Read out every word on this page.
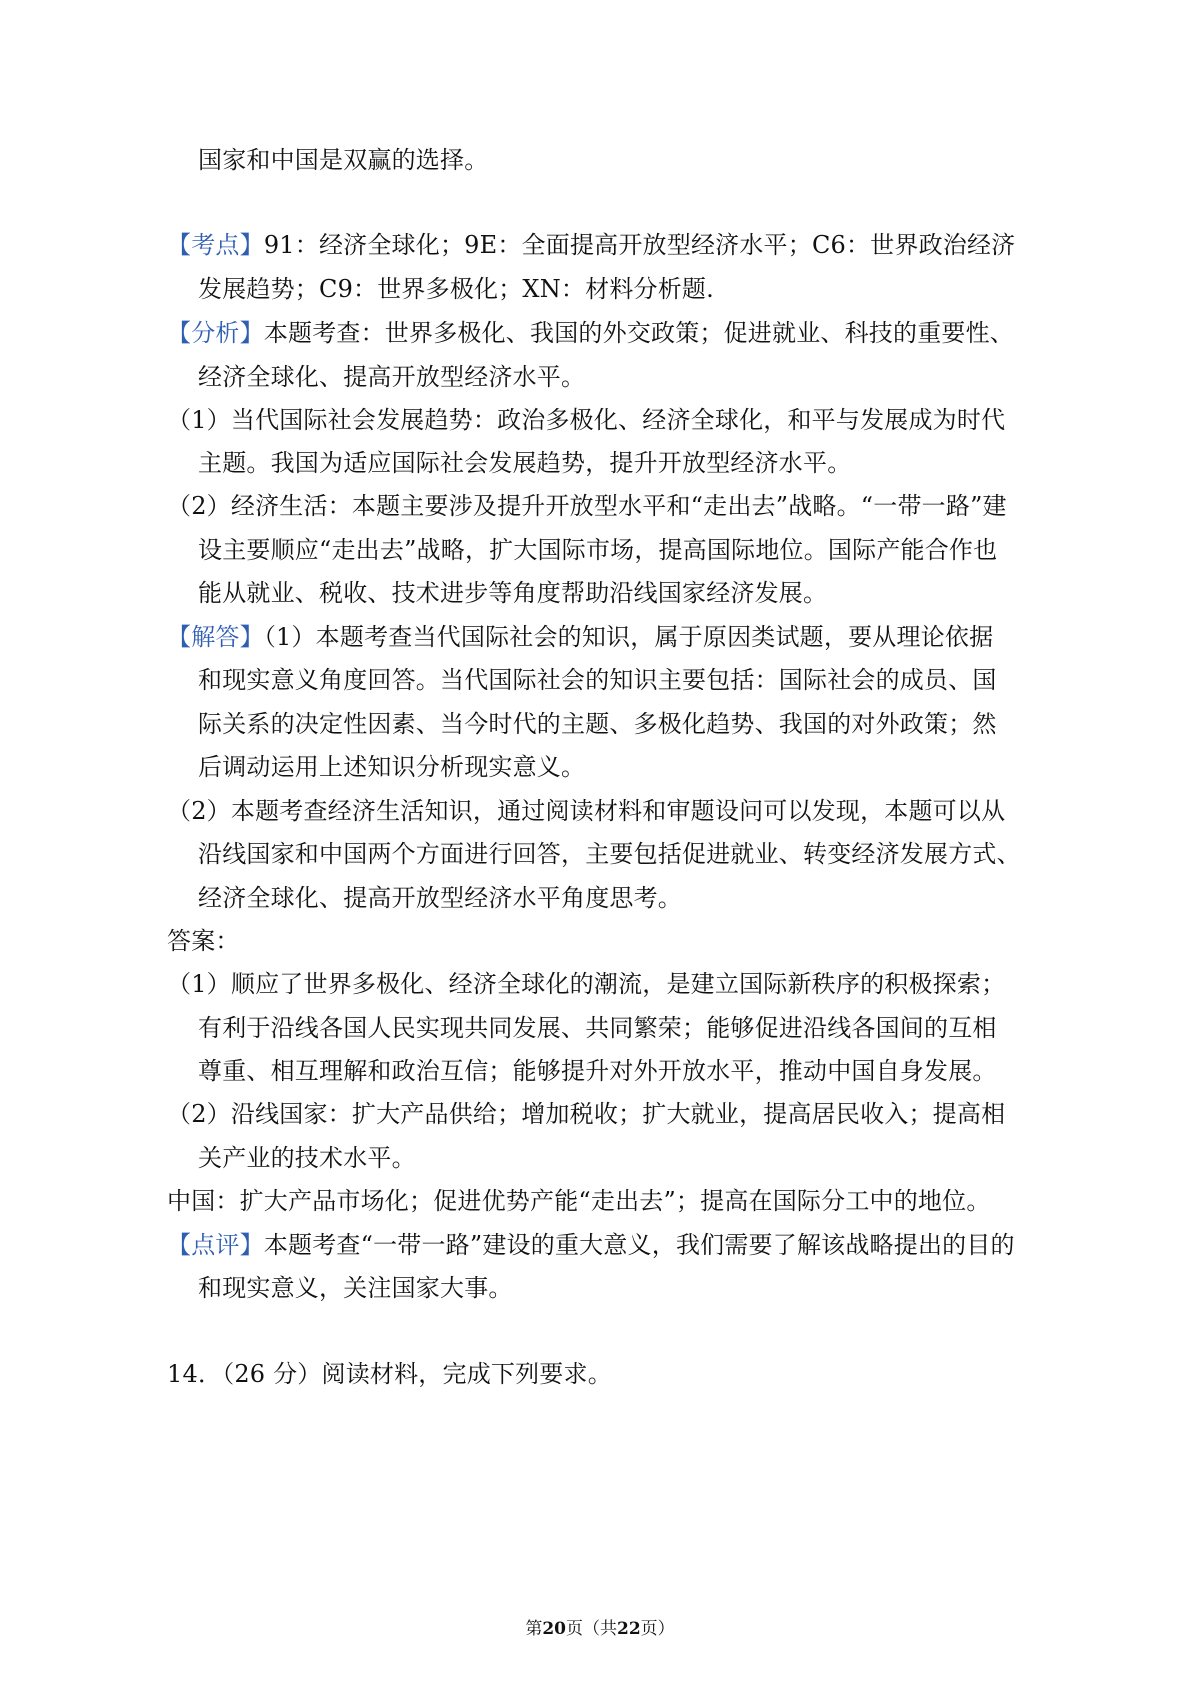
国家和中国是双赢的选择。
【考点】91：经济全球化；9E：全面提高开放型经济水平；C6：世界政治经济
发展趋势；C9：世界多极化；XN：材料分析题.
【分析】本题考查：世界多极化、我国的外交政策；促进就业、科技的重要性、
经济全球化、提高开放型经济水平。
（1）当代国际社会发展趋势：政治多极化、经济全球化，和平与发展成为时代
主题。我国为适应国际社会发展趋势，提升开放型经济水平。
（2）经济生活：本题主要涉及提升开放型水平和“走出去”战略。“一带一路”建
设主要顺应“走出去”战略，扩大国际市场，提高国际地位。国际产能合作也
能从就业、税收、技术进步等角度帮助沿线国家经济发展。
【解答】（1）本题考查当代国际社会的知识，属于原因类试题，要从理论依据
和现实意义角度回答。当代国际社会的知识主要包括：国际社会的成员、国
际关系的决定性因素、当今时代的主题、多极化趋势、我国的对外政策；然
后调动运用上述知识分析现实意义。
（2）本题考查经济生活知识，通过阅读材料和审题设问可以发现，本题可以从
沿线国家和中国两个方面进行回答，主要包括促进就业、转变经济发展方式、
经济全球化、提高开放型经济水平角度思考。
答案：
（1）顺应了世界多极化、经济全球化的潮流，是建立国际新秩序的积极探索；
有利于沿线各国人民实现共同发展、共同繁荣；能够促进沿线各国间的互相
尊重、相互理解和政治互信；能够提升对外开放水平，推动中国自身发展。
（2）沿线国家：扩大产品供给；增加税收；扩大就业，提高居民收入；提高相
关产业的技术水平。
中国：扩大产品市场化；促进优势产能“走出去”；提高在国际分工中的地位。
【点评】本题考查“一带一路”建设的重大意义，我们需要了解该战略提出的目的
和现实意义，关注国家大事。
14．（26 分）阅读材料，完成下列要求。
第20页（共22页）
